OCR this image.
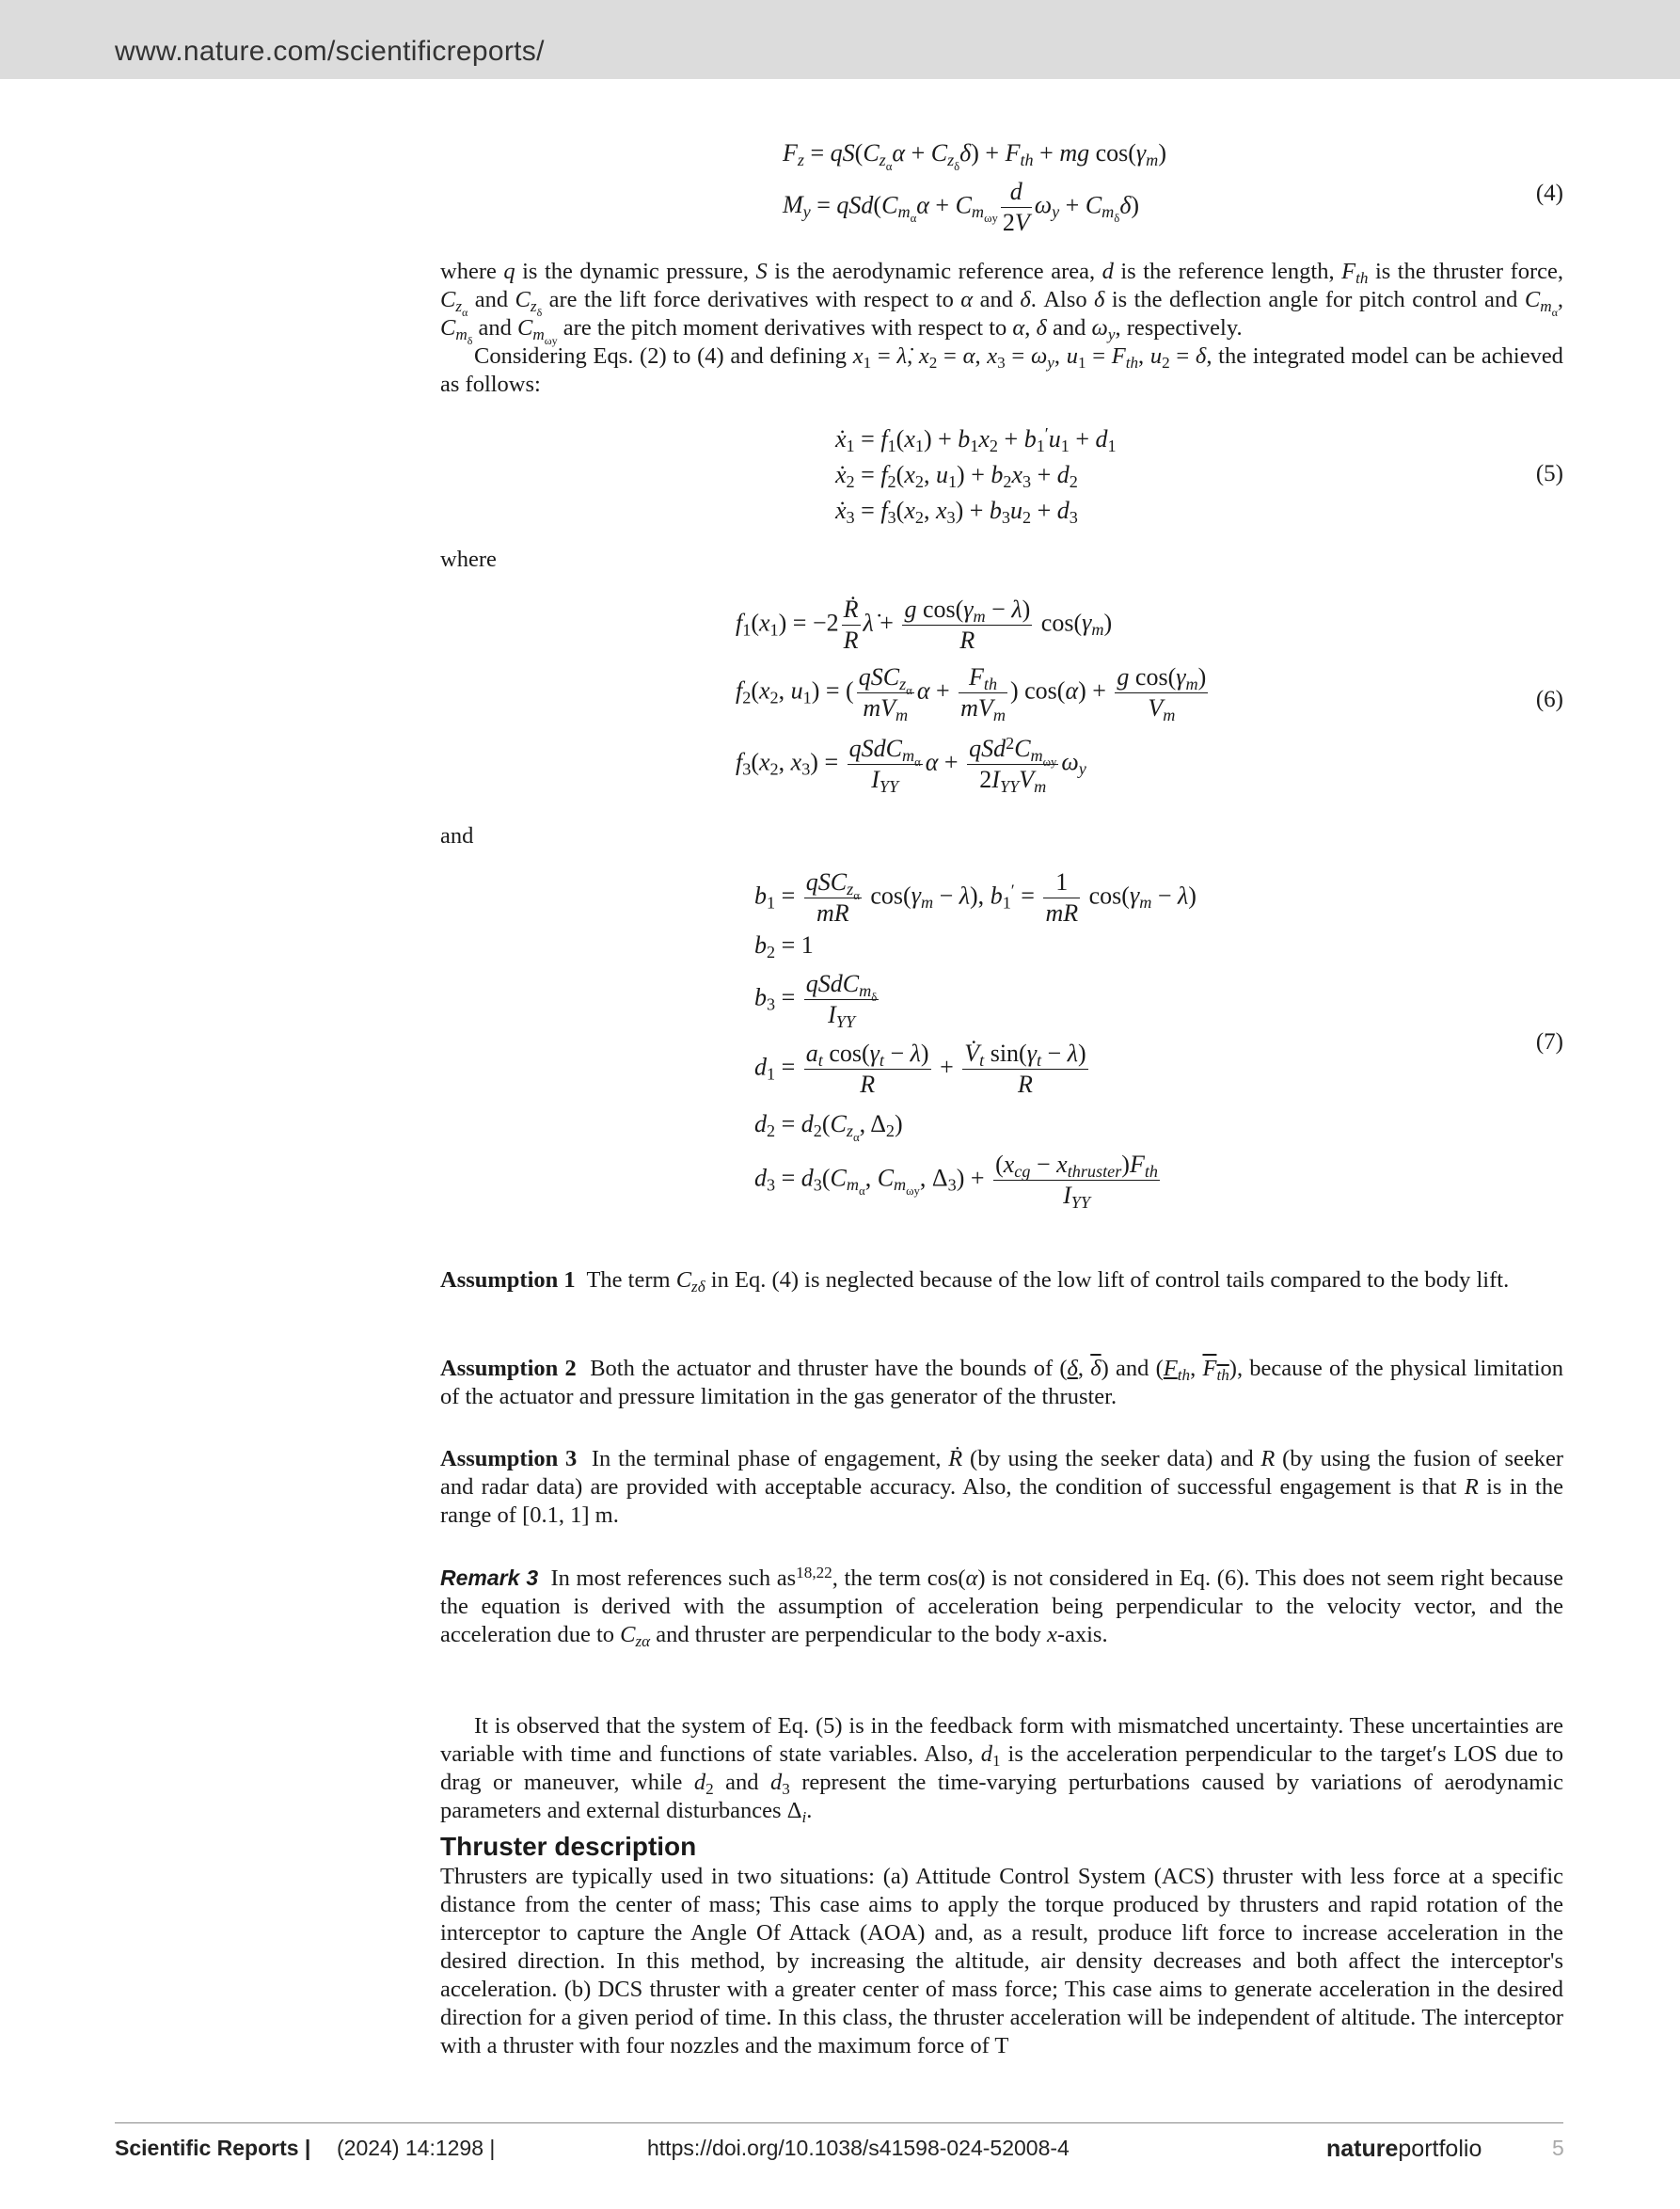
www.nature.com/scientificreports/
$F_z = qS(C_{z_\alpha}\alpha + C_{z_\delta}\delta) + F_{th}$ + mg $\cos(\gamma_m)$
$M_y = qSd(C_{m_\alpha}\alpha + C_{m_{\omega y}} \frac{d}{2V} \omega_y + C_{m_\delta}\delta)$	(4)
where q is the dynamic pressure, S is the aerodynamic reference area, d is the reference length, $F_{th}$ is the thruster force, $C_{z_\alpha}$ and $C_{z_\delta}$ are the lift force derivatives with respect to α and δ. Also δ is the deflection angle for pitch control and $C_{m_\alpha}$, $C_{m_\delta}$ and $C_{m_{\omega y}}$ are the pitch moment derivatives with respect to α, δ and $\omega_y$, respectively.
Considering Eqs. (2) to (4) and defining $x_1$ = λ̇, $x_2 = \alpha$, $x_3 = \omega_y$, $u_1 = F_{th}$, $u_2 = \delta$, the integrated model can be achieved as follows:
ẋ$_1$ = $f_1(x_1) + b_1x_2 + b_1'u_1 + d_1$
ẋ$_2$ = $f_2(x_2$, $u_1) + b_2x_3 + d_2$
ẋ$_3$ = $f_3(x_2$, $x_3) + b_3u_2 + d_3$
(5)
where
$f_1(x_1) = -2 \frac{\text{Ṙ}}{R}$ λ̇ + $\frac{g \cos(\gamma_m - \lambda)}{R} \cos(\gamma_m)$
$f_2(x_2$, $u_1$) = ( $\frac{qSC_{z_\alpha}}{mV_m}$ $\alpha + \frac{F_{th}}{mV_m}$ ) $\cos(\alpha) + \frac{g \cos(\gamma_m)}{V_m}$
$f_3(x_2$, $x_3) = \frac{qSdC_{m_\alpha}}{I_{YY}}$ $\alpha + \frac{qSd^2C_{m_{\omega y}}}{2I_{YY}V_m} \omega_y$
(6)
and
$b_1 = \frac{qSC_{z_\alpha}}{mR} \cos(\gamma_m - \lambda)$, $b_1' = \frac{1}{mR} \cos(\gamma_m - \lambda)$
$b_2 = 1$
$b_3 = \frac{qSdC_{m_\delta}}{I_{YY}}$
$d_1 = \frac{a_t \cos(\gamma_t - \lambda)}{R} + \frac{V̇_t \sin(\gamma_t - \lambda)}{R}$
$d_2 = d_2(C_{z_\alpha}$, $\Delta_2$)
$d_3 = d_3(C_{m_\alpha}$, $C_{m_{\omega y}}$, $\Delta_3) + \frac{(x_{cg} - x_{thruster})F_{th}}{I_{YY}}$
(7)
Assumption 1  The term $C_{z\delta}$ in Eq. (4) is neglected because of the low lift of control tails compared to the body lift.
Assumption 2  Both the actuator and thruster have the bounds of (δ, $\overline{\delta}$) and ($F_{th}$, $F_{th}$), because of the physical limitation of the actuator and pressure limitation in the gas generator of the thruster.
Assumption 3  In the terminal phase of engagement, Ṙ (by using the seeker data) and R (by using the fusion of seeker and radar data) are provided with acceptable accuracy. Also, the condition of successful engagement is that R is in the range of [0.1, 1] m.
Remark 3  In most references such as$^{18,22}$, the term cos(α) is not considered in Eq. (6). This does not seem right because the equation is derived with the assumption of acceleration being perpendicular to the velocity vector, and the acceleration due to $C_{z\alpha}$ and thruster are perpendicular to the body x-axis.
It is observed that the system of Eq. (5) is in the feedback form with mismatched uncertainty. These uncertainties are variable with time and functions of state variables. Also, $d_1$ is the acceleration perpendicular to the target′s LOS due to drag or maneuver, while $d_2$ and $d_3$ represent the time-varying perturbations caused by variations of aerodynamic parameters and external disturbances $\Delta_i$.
Thruster description
Thrusters are typically used in two situations: (a) Attitude Control System (ACS) thruster with less force at a specific distance from the center of mass; This case aims to apply the torque produced by thrusters and rapid rotation of the interceptor to capture the Angle Of Attack (AOA) and, as a result, produce lift force to increase acceleration in the desired direction. In this method, by increasing the altitude, air density decreases and both affect the interceptor's acceleration. (b) DCS thruster with a greater center of mass force; This case aims to generate acceleration in the desired direction for a given period of time. In this class, the thruster acceleration will be independent of altitude. The interceptor with a thruster with four nozzles and the maximum force of T
Scientific Reports | (2024) 14:1298 |	https://doi.org/10.1038/s41598-024-52008-4	natureportfolio	5
